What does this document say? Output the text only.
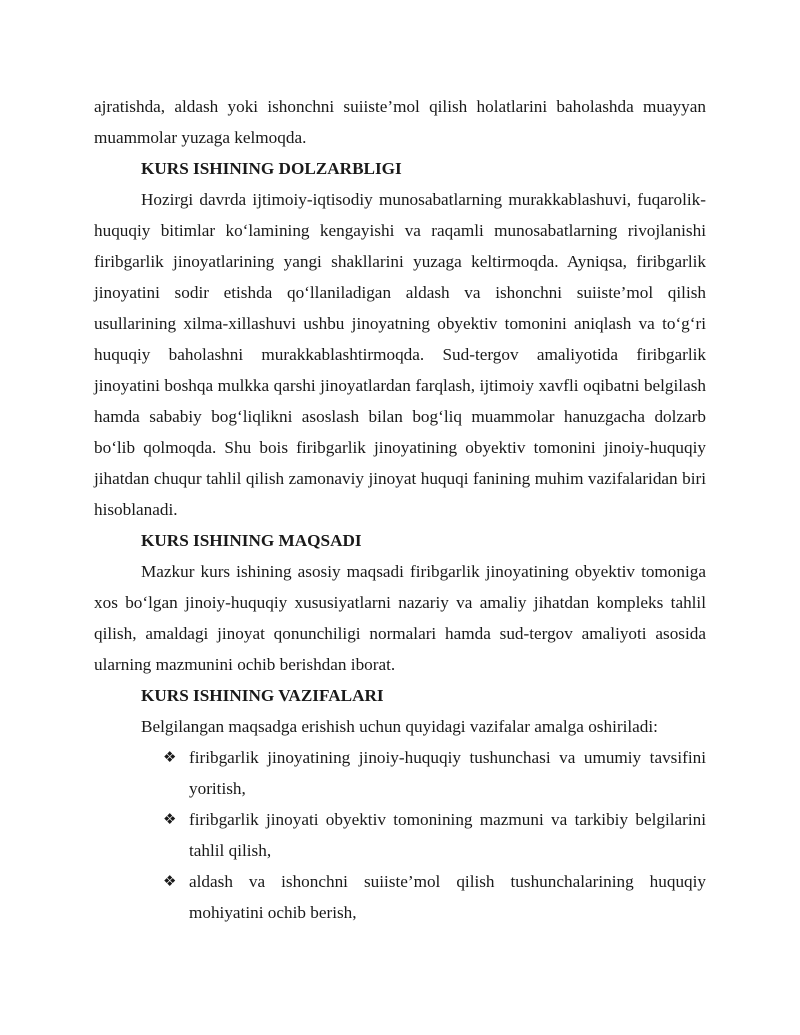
ajratishda, aldash yoki ishonchni suiiste’mol qilish holatlarini baholashda muayyan muammolar yuzaga kelmoqda.

KURS ISHINING DOLZARBLIGI

Hozirgi davrda ijtimoiy-iqtisodiy munosabatlarning murakkablashuvi, fuqarolik-huquqiy bitimlar ko‘lamining kengayishi va raqamli munosabatlarning rivojlanishi firibgarlik jinoyatlarining yangi shakllarini yuzaga keltirmoqda. Ayniqsa, firibgarlik jinoyatini sodir etishda qo‘llaniladigan aldash va ishonchni suiiste’mol qilish usullarining xilma-xillashuvi ushbu jinoyatning obyektiv tomonini aniqlash va to‘g‘ri huquqiy baholashni murakkablashtirmoqda. Sud-tergov amaliyotida firibgarlik jinoyatini boshqa mulkka qarshi jinoyatlardan farqlash, ijtimoiy xavfli oqibatni belgilash hamda sababiy bog‘liqlikni asoslash bilan bog‘liq muammolar hanuzgacha dolzarb bo‘lib qolmoqda. Shu bois firibgarlik jinoyatining obyektiv tomonini jinoiy-huquqiy jihatdan chuqur tahlil qilish zamonaviy jinoyat huquqi fanining muhim vazifalaridan biri hisoblanadi.

KURS ISHINING MAQSADI

Mazkur kurs ishining asosiy maqsadi firibgarlik jinoyatining obyektiv tomoniga xos bo‘lgan jinoiy-huquqiy xususiyatlarni nazariy va amaliy jihatdan kompleks tahlil qilish, amaldagi jinoyat qonunchiligi normalari hamda sud-tergov amaliyoti asosida ularning mazmunini ochib berishdan iborat.

KURS ISHINING VAZIFALARI

Belgilangan maqsadga erishish uchun quyidagi vazifalar amalga oshiriladi:

❖ firibgarlik jinoyatining jinoiy-huquqiy tushunchasi va umumiy tavsifini yoritish,
❖ firibgarlik jinoyati obyektiv tomonining mazmuni va tarkibiy belgilarini tahlil qilish,
❖ aldash va ishonchni suiiste’mol qilish tushunchalarining huquqiy mohiyatini ochib berish,
